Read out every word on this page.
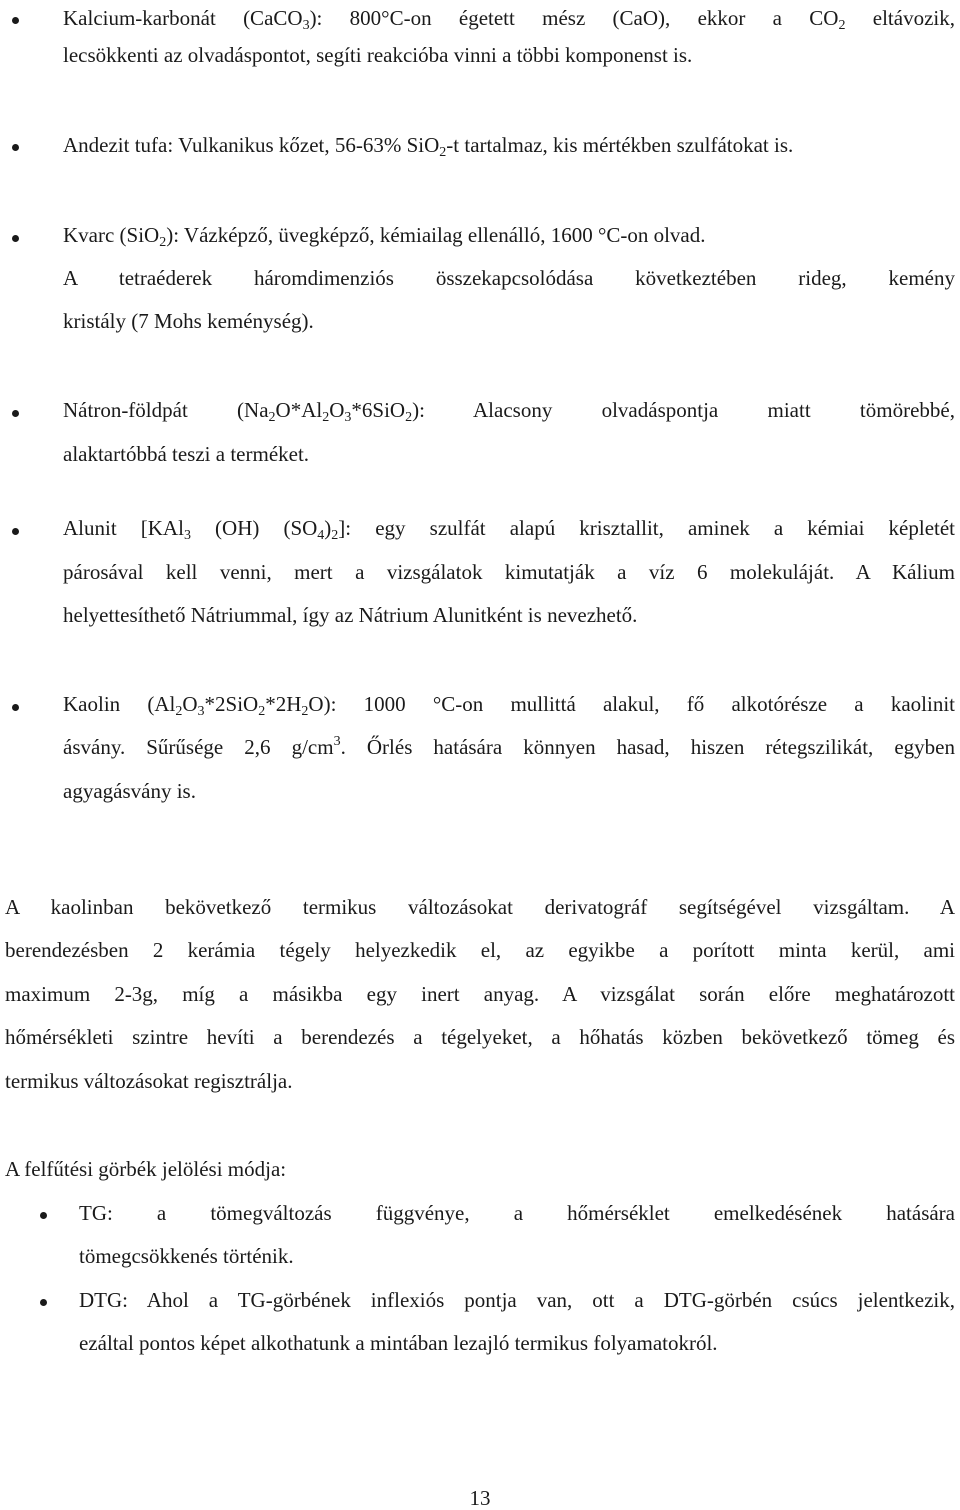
Kalcium-karbonát (CaCO$_3$): 800°C-on égetett mész (CaO), ekkor a $CO_2$ eltávozik,
lecsökkenti az olvadáspontot, segíti reakcióba vinni a többi komponenst is.
Andezit tufa: Vulkanikus kőzet, 56-63% SiO$_2$-t tartalmaz, kis mértékben szulfátokat is.
Kvarc (SiO$_2$): Vázképző, üvegképző, kémiailag ellenálló, 1600 °C-on olvad.
A tetraéderek háromdimenziós összekapcsolódása következtében rideg, kemény
kristály (7 Mohs keménység).
Nátron-földpát $(Na_2O*Al_2O_3*6SiO_2)$: Alacsony olvadáspontja miatt tömörebbé,
alaktartóbbá teszi a terméket.
Alunit [KAl$_3$ (OH) $(SO_4)_2$]: egy szulfát alapú krisztallit, aminek a kémiai képletét
párosával kell venni, mert a vizsgálatok kimutatják a víz 6 molekuláját. A Kálium
helyettesíthető Nátriummal, így az Nátrium Alunitként is nevezhető.
Kaolin $(Al_2O_3*2SiO_2*2H_2O)$: 1000 °C-on mullittá alakul, fő alkotórésze a kaolinit
ásvány. Sűrűsége 2,6 $g/cm^3$. Őrlés hatására könnyen hasad, hiszen rétegszilikát, egyben
agyagásvány is.
A kaolinban bekövetkező termikus változásokat derivatográf segítségével vizsgáltam. A
berendezésben 2 kerámia tégely helyezkedik el, az egyikbe a porított minta kerül, ami
maximum 2-3g, míg a másikba egy inert anyag. A vizsgálat során előre meghatározott
hőmérsékleti szintre hevíti a berendezés a tégelyeket, a hőhatás közben bekövetkező tömeg és
termikus változásokat regisztrálja.
A felfűtési görbék jelölési módja:
TG: a tömegváltozás függvénye, a hőmérséklet emelkedésének hatására
tömegcsökkenés történik.
DTG: Ahol a TG-görbének inflexiós pontja van, ott a DTG-görbén csúcs jelentkezik,
ezáltal pontos képet alkothatunk a mintában lezajló termikus folyamatokról.
13
